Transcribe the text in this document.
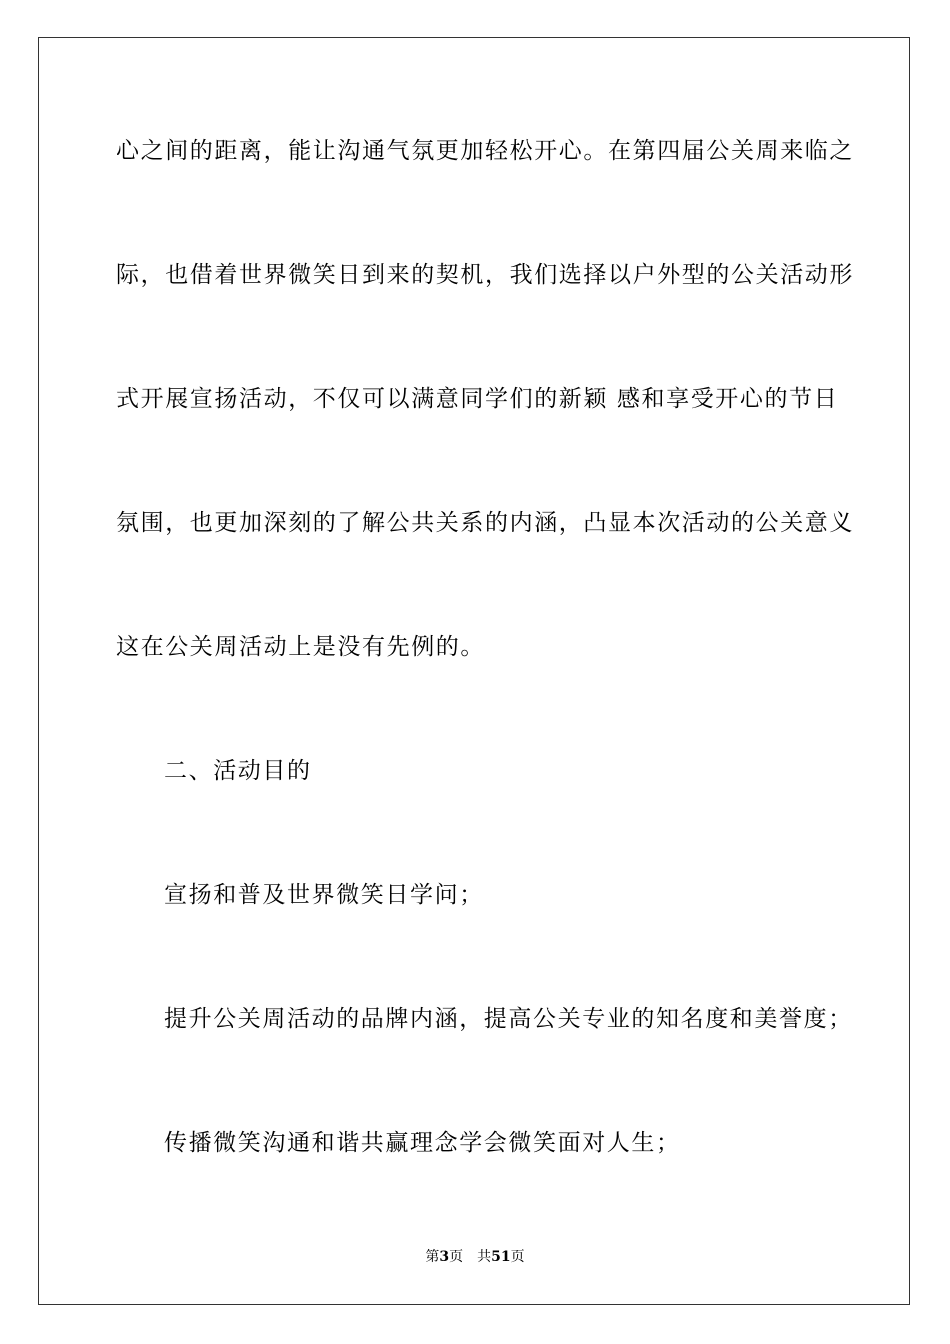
心之间的距离，能让沟通气氛更加轻松开心。在第四届公关周来临之
际，也借着世界微笑日到来的契机，我们选择以户外型的公关活动形
式开展宣扬活动，不仅可以满意同学们的新颖 感和享受开心的节日
氛围，也更加深刻的了解公共关系的内涵，凸显本次活动的公关意义
这在公关周活动上是没有先例的。
二、活动目的
宣扬和普及世界微笑日学问；
提升公关周活动的品牌内涵，提高公关专业的知名度和美誉度；
传播微笑沟通和谐共赢理念学会微笑面对人生；
第3页 共51页
